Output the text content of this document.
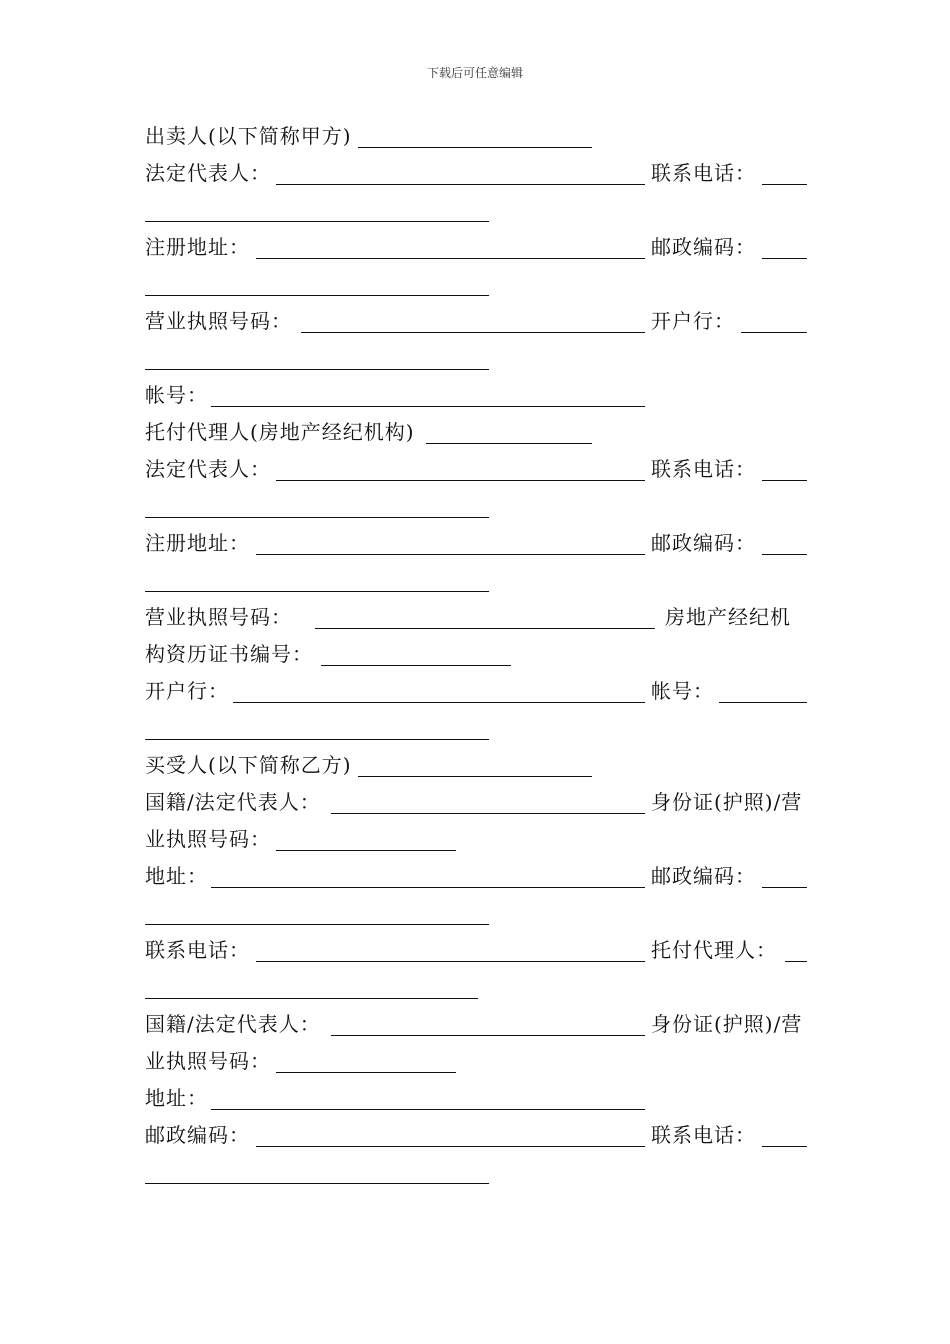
下载后可任意编辑
出卖人(以下简称甲方)
法定代表人：	联系电话：
注册地址：	邮政编码：
营业执照号码：	开户行：
帐号：
托付代理人(房地产经纪机构)
法定代表人：	联系电话：
注册地址：	邮政编码：
营业执照号码：	房地产经纪机
构资历证书编号：
开户行：	帐号：
买受人(以下简称乙方)
国籍/法定代表人：	身份证(护照)/营
业执照号码：
地址：	邮政编码：
联系电话：	托付代理人：
国籍/法定代表人：	身份证(护照)/营
业执照号码：
地址：
邮政编码：	联系电话：
